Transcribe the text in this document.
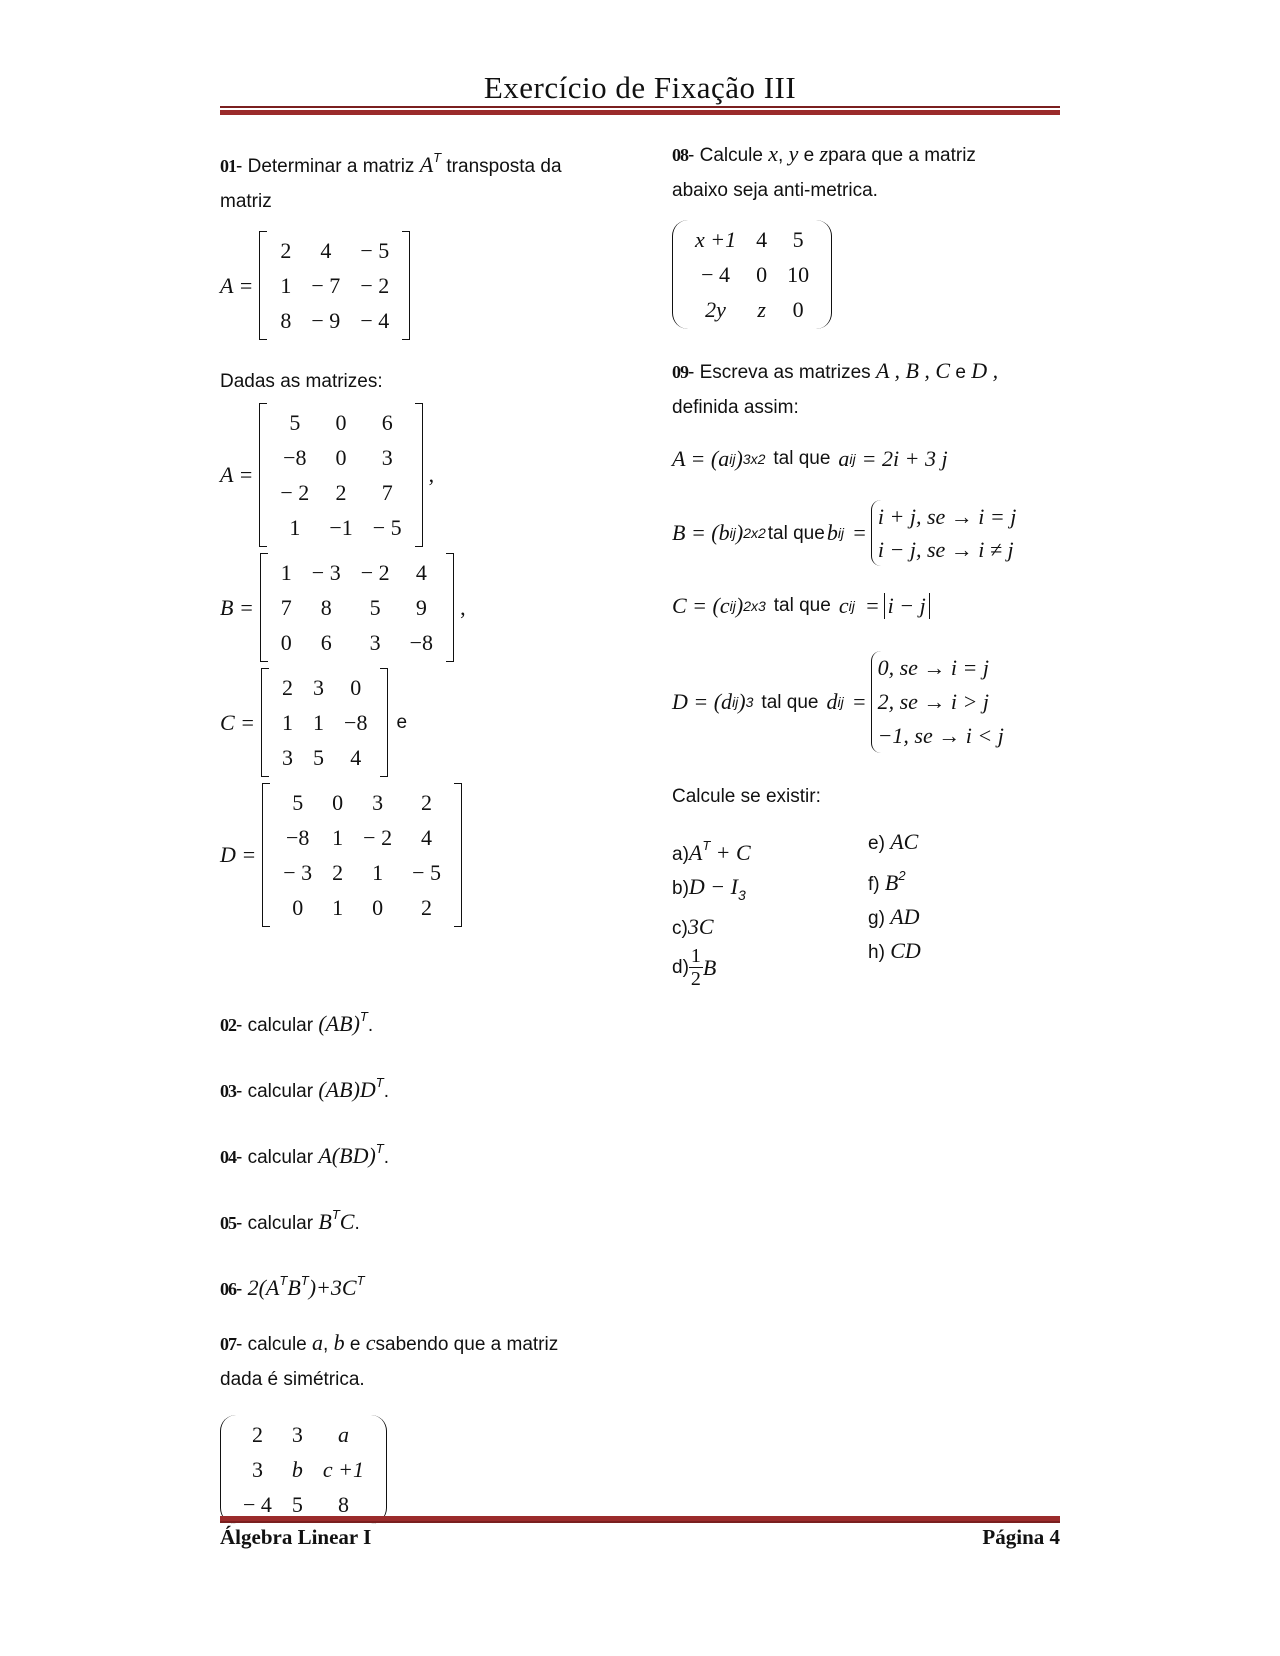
Exercício de Fixação III
01- Determinar a matriz $A^T$ transposta da
matriz
A =
2	4	− 5
1	− 7	− 2
8	− 9	− 4
Dadas as matrizes:
A =
5	0	6
−8	0	3
− 2	2	7
1	−1	− 5
,
B =
1	− 3	− 2	4
7	8	5	9
0	6	3	−8
,
C =
2	3	0
1	1	−8
3	5	4
e
D =
5	0	3	2
−8	1	− 2	4
− 3	2	1	− 5
0	1	0	2
02- calcular (AB)$^T$.
03- calcular $(AB)D^T$.
04- calcular A(BD)$^T$.
05- calcular $B^TC$.
06- $2(A^TB^T)+3C^T$
07- calcule a, b e csabendo que a matriz
dada é simétrica.
2	3	a
3	b	c +1
− 4	5	8
08- Calcule x, y e zpara que a matriz
abaixo seja anti-metrica.
x +1	4	5
− 4	0	10
2y	z	0
09- Escreva as matrizes A , B , C e D ,
definida assim:
A = (a ij ) 3x2 tal que a ij = 2i + 3 j
B = (b ij ) 2x2 tal que b ij =
i + j, se → i = j
i − j, se → i ≠ j
C = (c ij ) 2x3 tal que c ij = i − j
D = (d ij ) 3 tal que d ij =
0, se → i = j
2, se → i > j
−1, se → i < j
Calcule se existir:
$a)A^T + C$
$b)D - I_3$
c)3C
$d) \frac{1}{2}$ B
e) AC
f) $B^2$
g) AD
h) CD
Álgebra Linear I	Página 4
